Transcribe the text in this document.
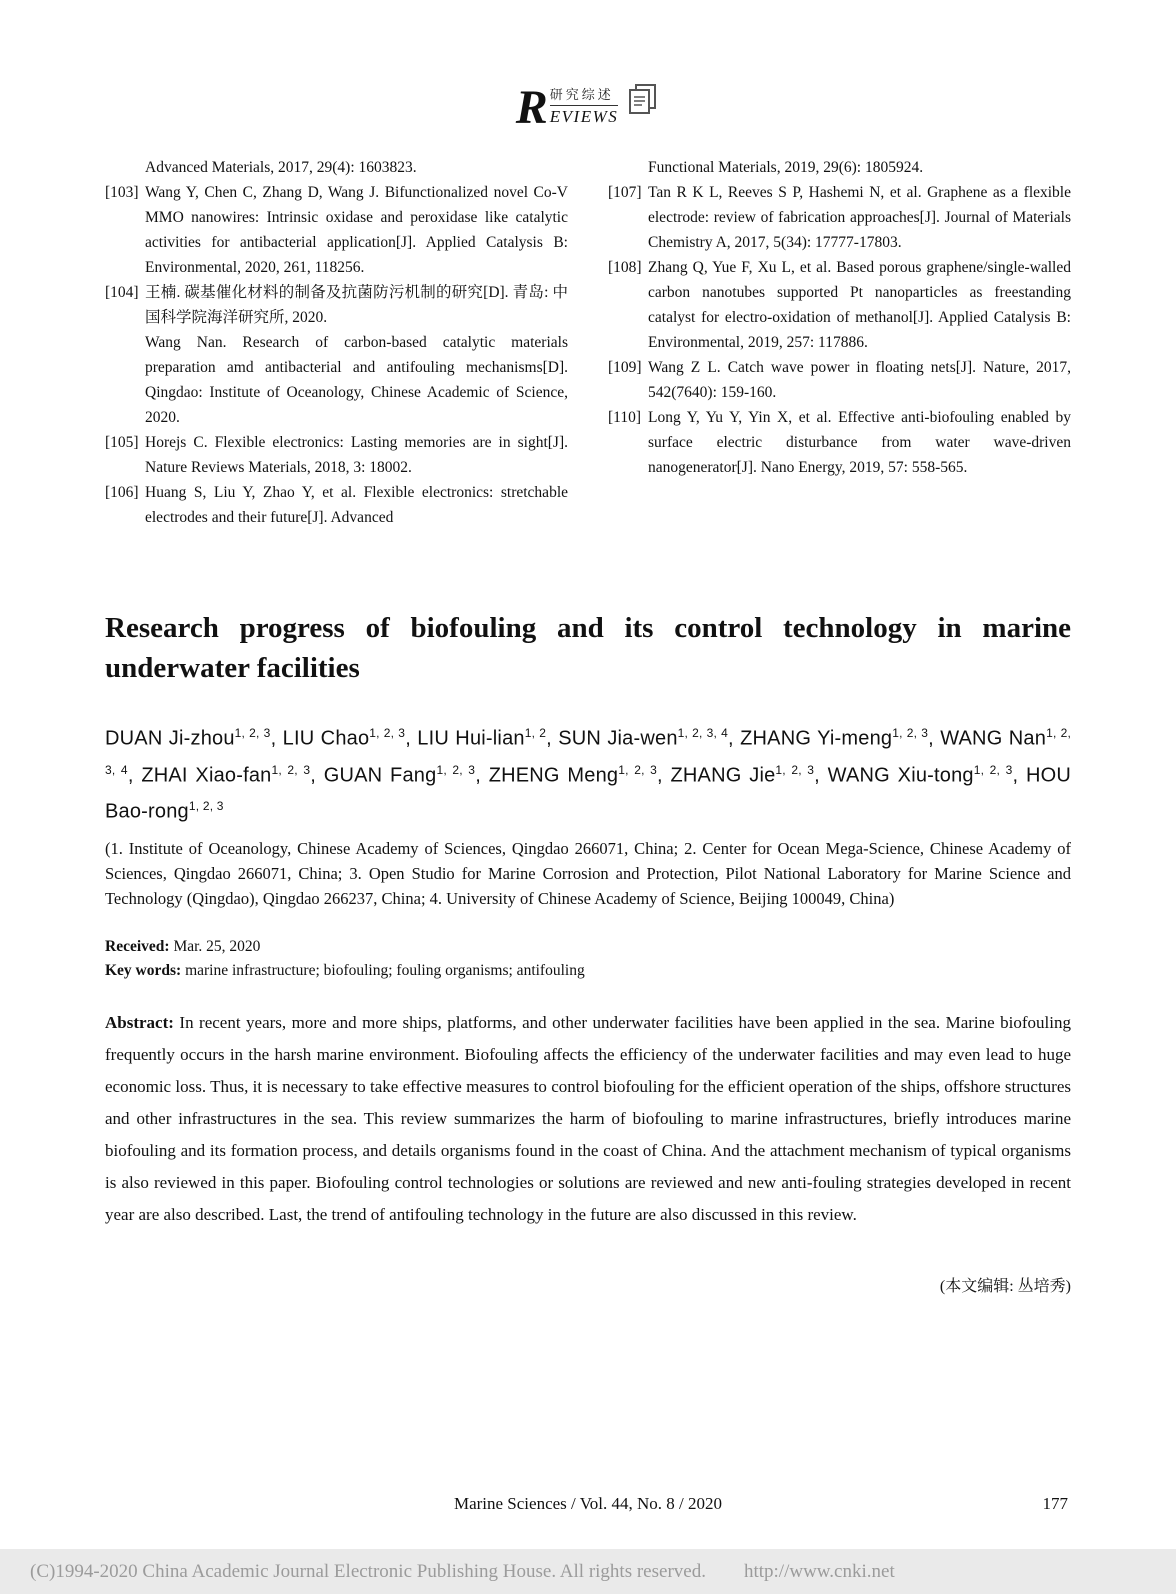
R 研究综述
EVIEWS
Advanced Materials, 2017, 29(4): 1603823.
[103] Wang Y, Chen C, Zhang D, Wang J. Bifunctionalized novel Co-V MMO nanowires: Intrinsic oxidase and peroxidase like catalytic activities for antibacterial application[J]. Applied Catalysis B: Environmental, 2020, 261, 118256.
[104] 王楠. 碳基催化材料的制备及抗菌防污机制的研究[D]. 青岛: 中国科学院海洋研究所, 2020.
Wang Nan. Research of carbon-based catalytic materials preparation amd antibacterial and antifouling mechanisms[D]. Qingdao: Institute of Oceanology, Chinese Academic of Science, 2020.
[105] Horejs C. Flexible electronics: Lasting memories are in sight[J]. Nature Reviews Materials, 2018, 3: 18002.
[106] Huang S, Liu Y, Zhao Y, et al. Flexible electronics: stretchable electrodes and their future[J]. Advanced
Functional Materials, 2019, 29(6): 1805924.
[107] Tan R K L, Reeves S P, Hashemi N, et al. Graphene as a flexible electrode: review of fabrication approaches[J]. Journal of Materials Chemistry A, 2017, 5(34): 17777-17803.
[108] Zhang Q, Yue F, Xu L, et al. Based porous graphene/single-walled carbon nanotubes supported Pt nanoparticles as freestanding catalyst for electro-oxidation of methanol[J]. Applied Catalysis B: Environmental, 2019, 257: 117886.
[109] Wang Z L. Catch wave power in floating nets[J]. Nature, 2017, 542(7640): 159-160.
[110] Long Y, Yu Y, Yin X, et al. Effective anti-biofouling enabled by surface electric disturbance from water wave-driven nanogenerator[J]. Nano Energy, 2019, 57: 558-565.
Research progress of biofouling and its control technology in marine underwater facilities
DUAN Ji-zhou$^{1, 2, 3}$, LIU Chao$^{1, 2, 3}$, LIU Hui-lian$^{1, 2}$, SUN Jia-wen$^{1, 2, 3, 4}$, ZHANG Yi-meng$^{1, 2, 3}$, WANG Nan$^{1, 2, 3, 4}$, ZHAI Xiao-fan$^{1, 2, 3}$, GUAN Fang$^{1, 2, 3}$, ZHENG Meng$^{1, 2, 3}$, ZHANG Jie$^{1, 2, 3}$, WANG Xiu-tong$^{1, 2, 3}$, HOU Bao-rong$^{1, 2, 3}$

(1. Institute of Oceanology, Chinese Academy of Sciences, Qingdao 266071, China; 2. Center for Ocean Mega-Science, Chinese Academy of Sciences, Qingdao 266071, China; 3. Open Studio for Marine Corrosion and Protection, Pilot National Laboratory for Marine Science and Technology (Qingdao), Qingdao 266237, China; 4. University of Chinese Academy of Science, Beijing 100049, China)

Received: Mar. 25, 2020

Key words: marine infrastructure; biofouling; fouling organisms; antifouling

Abstract: In recent years, more and more ships, platforms, and other underwater facilities have been applied in the sea. Marine biofouling frequently occurs in the harsh marine environment. Biofouling affects the efficiency of the underwater facilities and may even lead to huge economic loss. Thus, it is necessary to take effective measures to control biofouling for the efficient operation of the ships, offshore structures and other infrastructures in the sea. This review summarizes the harm of biofouling to marine infrastructures, briefly introduces marine biofouling and its formation process, and details organisms found in the coast of China. And the attachment mechanism of typical organisms is also reviewed in this paper. Biofouling control technologies or solutions are reviewed and new anti-fouling strategies developed in recent year are also described. Last, the trend of antifouling technology in the future are also discussed in this review.

(本文编辑: 丛培秀)

Marine Sciences / Vol. 44, No. 8 / 2020	177
(C)1994-2020 China Academic Journal Electronic Publishing House. All rights reserved. http://www.cnki.net
